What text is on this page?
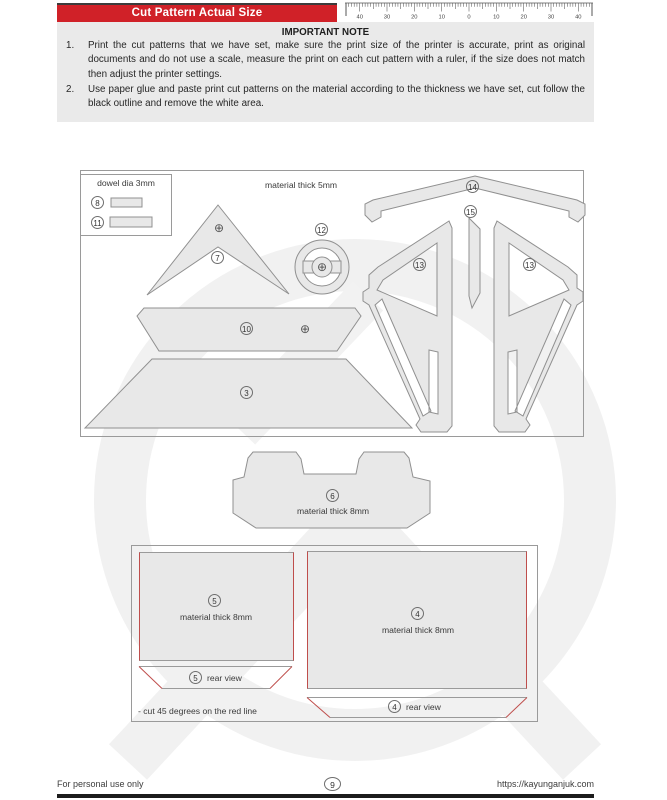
Cut Pattern Actual Size	40	30	20	10	0	10	20	30	40
IMPORTANT NOTE
1.	Print the cut patterns that we have set, make sure the print size of the printer is accurate, print as original documents and do not use a scale, measure the print on each cut pattern with a ruler, if the size does not match then adjust the printer settings.
2.	Use paper glue and paste print cut patterns on the material according to the thickness we have set, cut follow the black outline and remove the white area.
dowel dia 3mm
8
11
material thick 5mm
7
12
10
3
13	13
14
15
⊕
⊕
⊕
6
material thick 8mm
5
material thick 8mm	4
material thick 8mm
5	rear view
4	rear view
- cut 45 degrees on the red line
For personal use only	9	https://kayunganjuk.com
